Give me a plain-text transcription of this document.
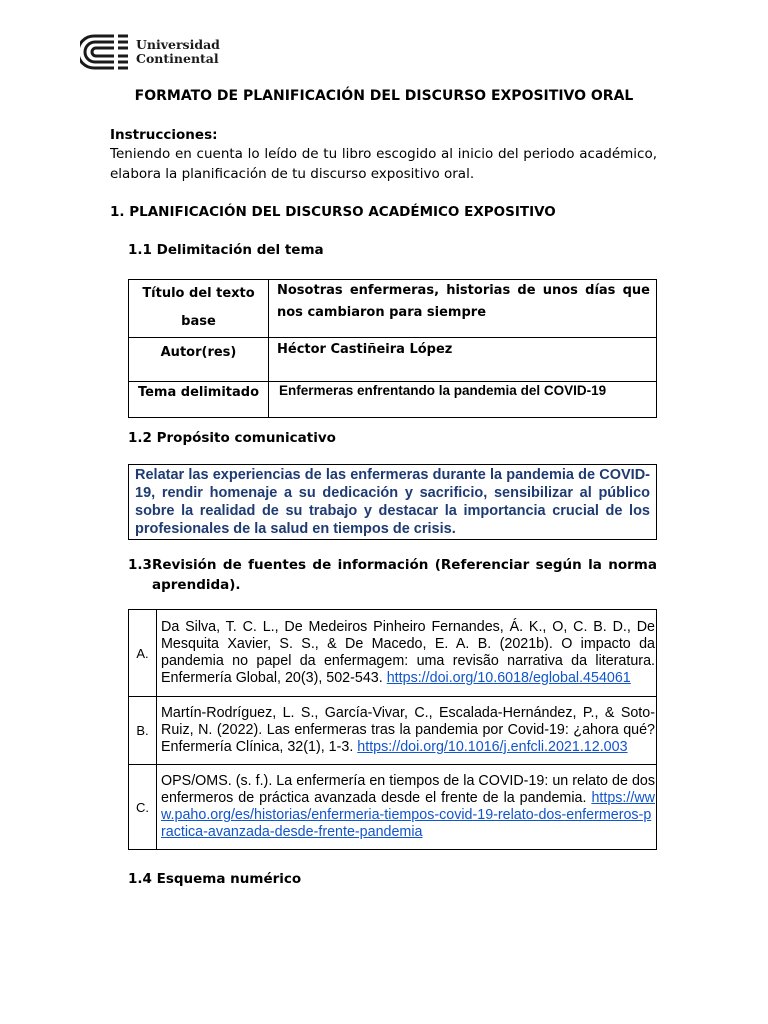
Universidad
Continental
FORMATO DE PLANIFICACIÓN DEL DISCURSO EXPOSITIVO ORAL
Instrucciones:
Teniendo en cuenta lo leído de tu libro escogido al inicio del periodo académico, elabora la planificación de tu discurso expositivo oral.
1. PLANIFICACIÓN DEL DISCURSO ACADÉMICO EXPOSITIVO
1.1 Delimitación del tema
Título del texto base	Nosotras enfermeras, historias de unos días que nos cambiaron para siempre
Autor(res)	Héctor Castiñeira López
Tema delimitado	Enfermeras enfrentando la pandemia del COVID-19
1.2 Propósito comunicativo
Relatar las experiencias de las enfermeras durante la pandemia de COVID-19, rendir homenaje a su dedicación y sacrificio, sensibilizar al público sobre la realidad de su trabajo y destacar la importancia crucial de los profesionales de la salud en tiempos de crisis.
1.3 Revisión de fuentes de información (Referenciar según la norma aprendida).
A.	Da Silva, T. C. L., De Medeiros Pinheiro Fernandes, Á. K., O, C. B. D., De Mesquita Xavier, S. S., & De Macedo, E. A. B. (2021b). O impacto da pandemia no papel da enfermagem: uma revisão narrativa da literatura. Enfermería Global, 20(3), 502-543. https://doi.org/10.6018/eglobal.454061
B.	Martín-Rodríguez, L. S., García-Vivar, C., Escalada-Hernández, P., & Soto-Ruiz, N. (2022). Las enfermeras tras la pandemia por Covid-19: ¿ahora qué? Enfermería Clínica, 32(1), 1-3. https://doi.org/10.1016/j.enfcli.2021.12.003
C.	OPS/OMS. (s. f.). La enfermería en tiempos de la COVID-19: un relato de dos enfermeros de práctica avanzada desde el frente de la pandemia. https://www.paho.org/es/historias/enfermeria-tiempos-covid-19-relato-dos-enfermeros-practica-avanzada-desde-frente-pandemia
1.4 Esquema numérico
